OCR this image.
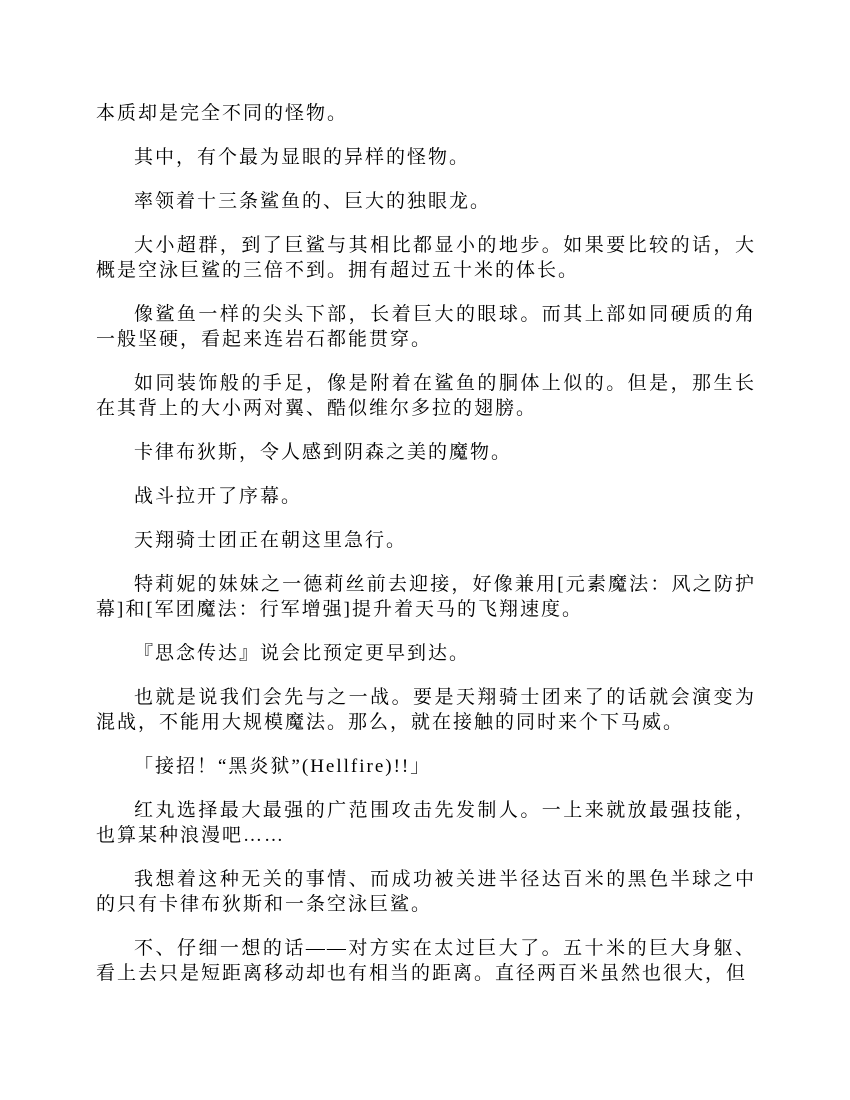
本质却是完全不同的怪物。

其中，有个最为显眼的异样的怪物。

率领着十三条鲨鱼的、巨大的独眼龙。

大小超群，到了巨鲨与其相比都显小的地步。如果要比较的话，大概是空泳巨鲨的三倍不到。拥有超过五十米的体长。

像鲨鱼一样的尖头下部，长着巨大的眼球。而其上部如同硬质的角一般坚硬，看起来连岩石都能贯穿。

如同装饰般的手足，像是附着在鲨鱼的胴体上似的。但是，那生长在其背上的大小两对翼、酷似维尔多拉的翅膀。

卡律布狄斯，令人感到阴森之美的魔物。

战斗拉开了序幕。

天翔骑士团正在朝这里急行。

特莉妮的妹妹之一德莉丝前去迎接，好像兼用[元素魔法：风之防护幕]和[军团魔法：行军增强]提升着天马的飞翔速度。

『思念传达』说会比预定更早到达。

也就是说我们会先与之一战。要是天翔骑士团来了的话就会演变为混战，不能用大规模魔法。那么，就在接触的同时来个下马威。

「接招！“黑炎狱”(Hellfire)!!」

红丸选择最大最强的广范围攻击先发制人。一上来就放最强技能，也算某种浪漫吧……

我想着这种无关的事情、而成功被关进半径达百米的黑色半球之中的只有卡律布狄斯和一条空泳巨鲨。

不、仔细一想的话——对方实在太过巨大了。五十米的巨大身躯、看上去只是短距离移动却也有相当的距离。直径两百米虽然也很大，但
